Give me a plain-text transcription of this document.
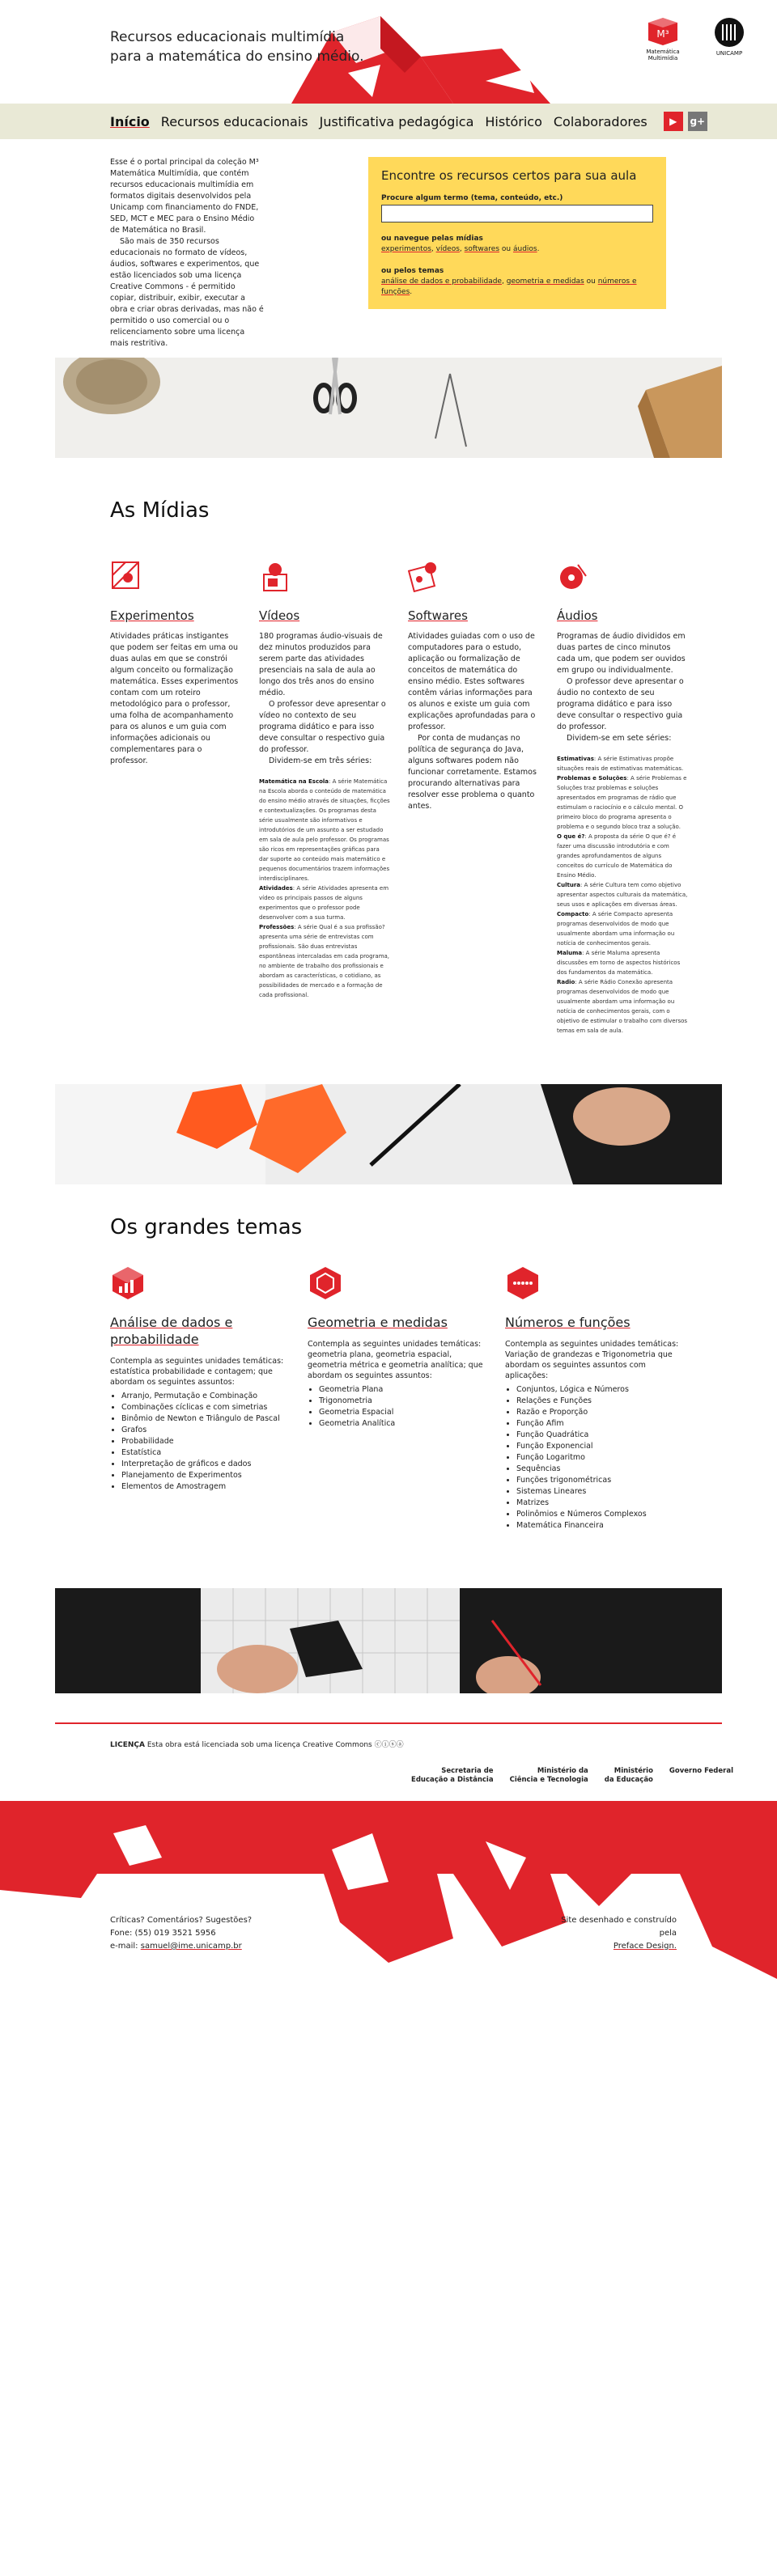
Recursos educacionais multimídia para a matemática do ensino médio.
M³
Matemática Multimídia
UNICAMP
Início Recursos educacionais Justificativa pedagógica Histórico Colaboradores	▶	g+

Esse é o portal principal da coleção M³ Matemática Multimídia, que contém recursos educacionais multimídia em formatos digitais desenvolvidos pela Unicamp com financiamento do FNDE, SED, MCT e MEC para o Ensino Médio de Matemática no Brasil.

São mais de 350 recursos educacionais no formato de vídeos, áudios, softwares e experimentos, que estão licenciados sob uma licença Creative Commons - é permitido copiar, distribuir, exibir, executar a obra e criar obras derivadas, mas não é permitido o uso comercial ou o relicenciamento sobre uma licença mais restritiva.

Encontre os recursos certos para sua aula
Procure algum termo (tema, conteúdo, etc.)
ou navegue pelas mídias
experimentos, vídeos, softwares ou áudios.
ou pelos temas
análise de dados e probabilidade, geometria e medidas ou números e funções.
As Mídias
Experimentos

Atividades práticas instigantes que podem ser feitas em uma ou duas aulas em que se constrói algum conceito ou formalização matemática. Esses experimentos contam com um roteiro metodológico para o professor, uma folha de acompanhamento para os alunos e um guia com informações adicionais ou complementares para o professor.

Vídeos

180 programas áudio-visuais de dez minutos produzidos para serem parte das atividades presenciais na sala de aula ao longo dos três anos do ensino médio.

O professor deve apresentar o vídeo no contexto de seu programa didático e para isso deve consultar o respectivo guia do professor.

Dividem-se em três séries:

Matemática na Escola: A série Matemática na Escola aborda o conteúdo de matemática do ensino médio através de situações, ficções e contextualizações. Os programas desta série usualmente são informativos e introdutórios de um assunto a ser estudado em sala de aula pelo professor. Os programas são ricos em representações gráficas para dar suporte ao conteúdo mais matemático e pequenos documentários trazem informações interdisciplinares.

Atividades: A série Atividades apresenta em vídeo os principais passos de alguns experimentos que o professor pode desenvolver com a sua turma.

Professões: A série Qual é a sua profissão? apresenta uma série de entrevistas com profissionais. São duas entrevistas espontâneas intercaladas em cada programa, no ambiente de trabalho dos profissionais e abordam as características, o cotidiano, as possibilidades de mercado e a formação de cada profissional.

Softwares

Atividades guiadas com o uso de computadores para o estudo, aplicação ou formalização de conceitos de matemática do ensino médio. Estes softwares contêm várias informações para os alunos e existe um guia com explicações aprofundadas para o professor.

Por conta de mudanças no política de segurança do Java, alguns softwares podem não funcionar corretamente. Estamos procurando alternativas para resolver esse problema o quanto antes.

Áudios

Programas de áudio divididos em duas partes de cinco minutos cada um, que podem ser ouvidos em grupo ou individualmente.

O professor deve apresentar o áudio no contexto de seu programa didático e para isso deve consultar o respectivo guia do professor.

Dividem-se em sete séries:

Estimativas: A série Estimativas propõe situações reais de estimativas matemáticas.

Problemas e Soluções: A série Problemas e Soluções traz problemas e soluções apresentados em programas de rádio que estimulam o raciocínio e o cálculo mental. O primeiro bloco do programa apresenta o problema e o segundo bloco traz a solução.

O que é?: A proposta da série O que é? é fazer uma discussão introdutória e com grandes aprofundamentos de alguns conceitos do currículo de Matemática do Ensino Médio.

Cultura: A série Cultura tem como objetivo apresentar aspectos culturais da matemática, seus usos e aplicações em diversas áreas.

Compacto: A série Compacto apresenta programas desenvolvidos de modo que usualmente abordam uma informação ou notícia de conhecimentos gerais.

Maluma: A série Maluma apresenta discussões em torno de aspectos históricos dos fundamentos da matemática.

Radio: A série Rádio Conexão apresenta programas desenvolvidos de modo que usualmente abordam uma informação ou notícia de conhecimentos gerais, com o objetivo de estimular o trabalho com diversos temas em sala de aula.

Os grandes temas
Análise de dados e probabilidade
Contempla as seguintes unidades temáticas: estatística probabilidade e contagem; que abordam os seguintes assuntos:
• Arranjo, Permutação e Combinação
• Combinações cíclicas e com simetrias
• Binômio de Newton e Triângulo de Pascal
• Grafos
• Probabilidade
• Estatística
• Interpretação de gráficos e dados
• Planejamento de Experimentos
• Elementos de Amostragem
Geometria e medidas
Contempla as seguintes unidades temáticas: geometria plana, geometria espacial, geometria métrica e geometria analítica; que abordam os seguintes assuntos:
• Geometria Plana
• Trigonometria
• Geometria Espacial
• Geometria Analítica
Números e funções
Contempla as seguintes unidades temáticas: Variação de grandezas e Trigonometria que abordam os seguintes assuntos com aplicações:
• Conjuntos, Lógica e Números
• Relações e Funções
• Razão e Proporção
• Função Afim
• Função Quadrática
• Função Exponencial
• Função Logaritmo
• Sequências
• Funções trigonométricas
• Sistemas Lineares
• Matrizes
• Polinômios e Números Complexos
• Matemática Financeira
LICENÇA Esta obra está licenciada sob uma licença Creative Commons ⓒⓘⓢⓐ
Secretaria de
Educação a Distância
Ministério da
Ciência e Tecnologia
Ministério
da Educação
Governo Federal
Críticas? Comentários? Sugestões?
Fone: (55) 019 3521 5956
e-mail: samuel@ime.unicamp.br
Site desenhado e construído pela
Preface Design.
